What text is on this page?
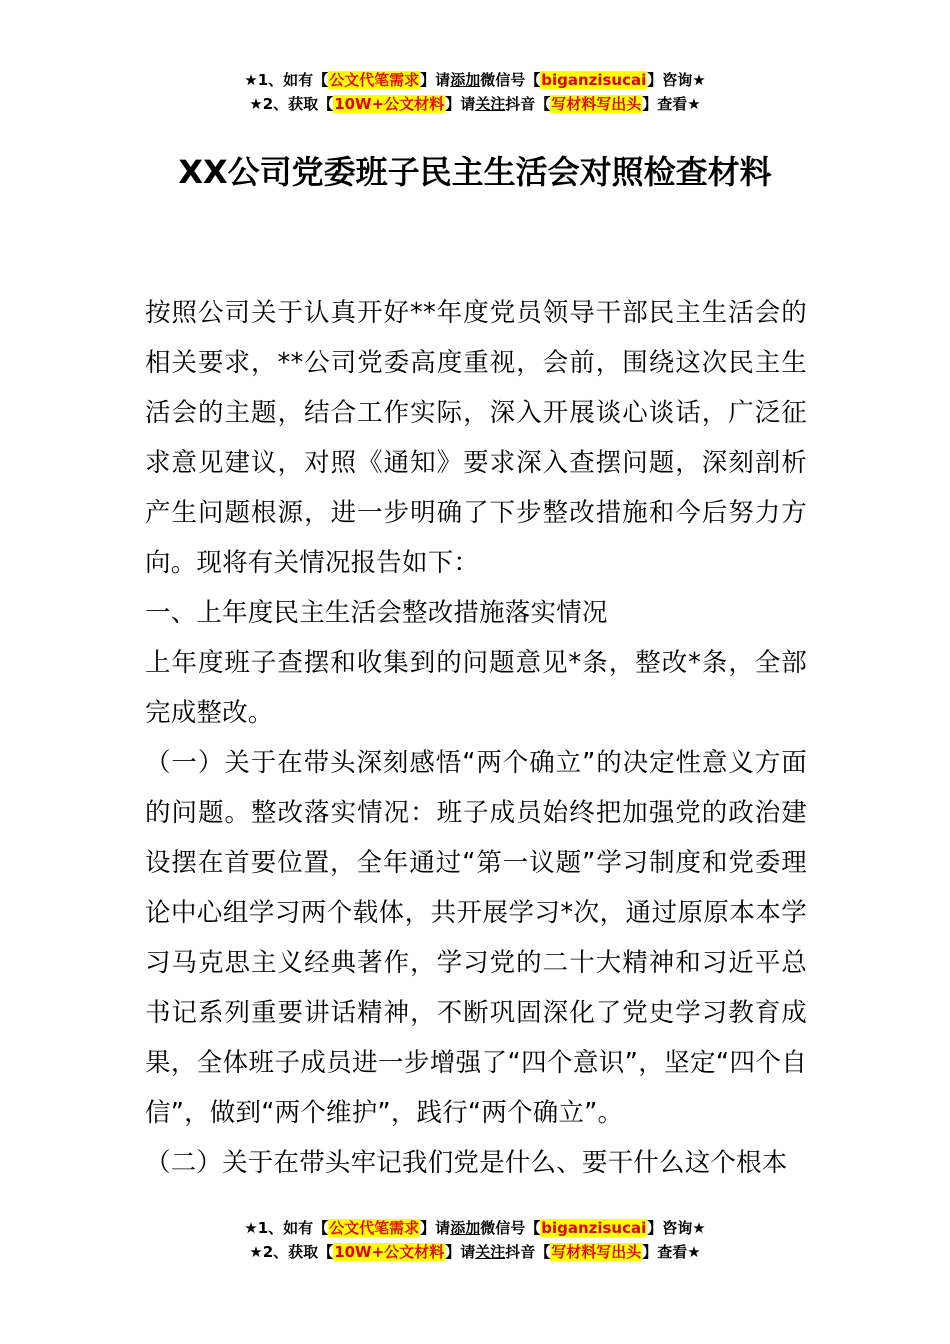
★1、如有【公文代笔需求】请添加微信号【biganzisucai】咨询★
★2、获取【10W+公文材料】请关注抖音【写材料写出头】查看★
XX公司党委班子民主生活会对照检查材料

按照公司关于认真开好**年度党员领导干部民主生活会的相关要求，**公司党委高度重视，会前，围绕这次民主生活会的主题，结合工作实际，深入开展谈心谈话，广泛征求意见建议，对照《通知》要求深入查摆问题，深刻剖析产生问题根源，进一步明确了下步整改措施和今后努力方向。现将有关情况报告如下：

一、上年度民主生活会整改措施落实情况

上年度班子查摆和收集到的问题意见*条，整改*条，全部完成整改。

（一）关于在带头深刻感悟“两个确立”的决定性意义方面的问题。整改落实情况：班子成员始终把加强党的政治建设摆在首要位置，全年通过“第一议题”学习制度和党委理论中心组学习两个载体，共开展学习*次，通过原原本本学习马克思主义经典著作，学习党的二十大精神和习近平总书记系列重要讲话精神，不断巩固深化了党史学习教育成果，全体班子成员进一步增强了“四个意识”，坚定“四个自信”，做到“两个维护”，践行“两个确立”。

（二）关于在带头牢记我们党是什么、要干什么这个根本

★1、如有【公文代笔需求】请添加微信号【biganzisucai】咨询★
★2、获取【10W+公文材料】请关注抖音【写材料写出头】查看★
